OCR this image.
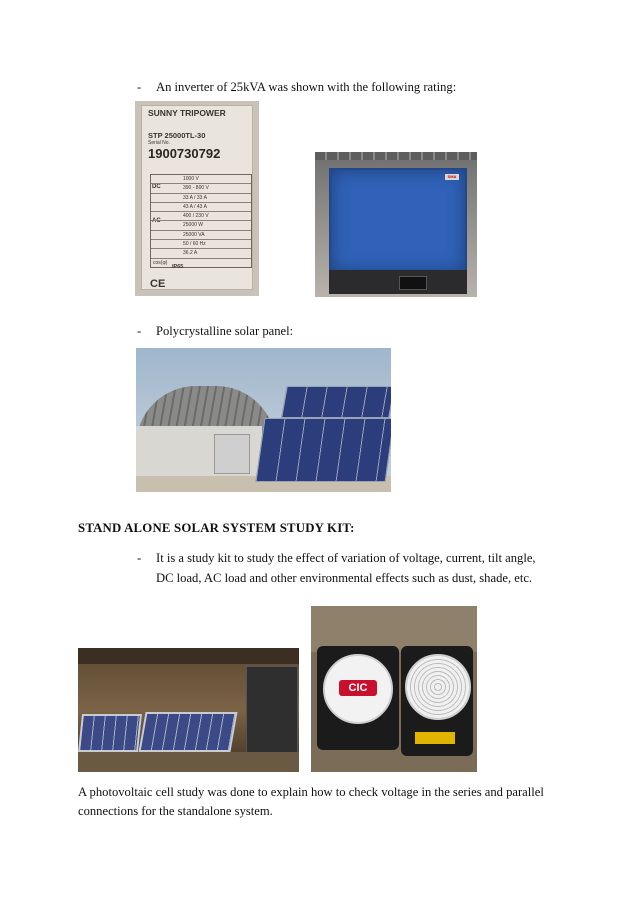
- An inverter of 25kVA was shown with the following rating:
SUNNY TRIPOWER
STP 25000TL-30
Serial No.
1900730792
DC
AC
1000 V
390 - 800 V
33 A / 33 A
43 A / 43 A
400 / 230 V
25000 W
25000 VA
50 / 60 Hz
36.2 A
cos(φ)
IP65
CE
SMA
- Polycrystalline solar panel:
STAND ALONE SOLAR SYSTEM STUDY KIT:
- It is a study kit to study the effect of variation of voltage, current, tilt angle,
DC load, AC load and other environmental effects such as dust, shade, etc.
CIC
A photovoltaic cell study was done to explain how to check voltage in the series and parallel
connections for the standalone system.
